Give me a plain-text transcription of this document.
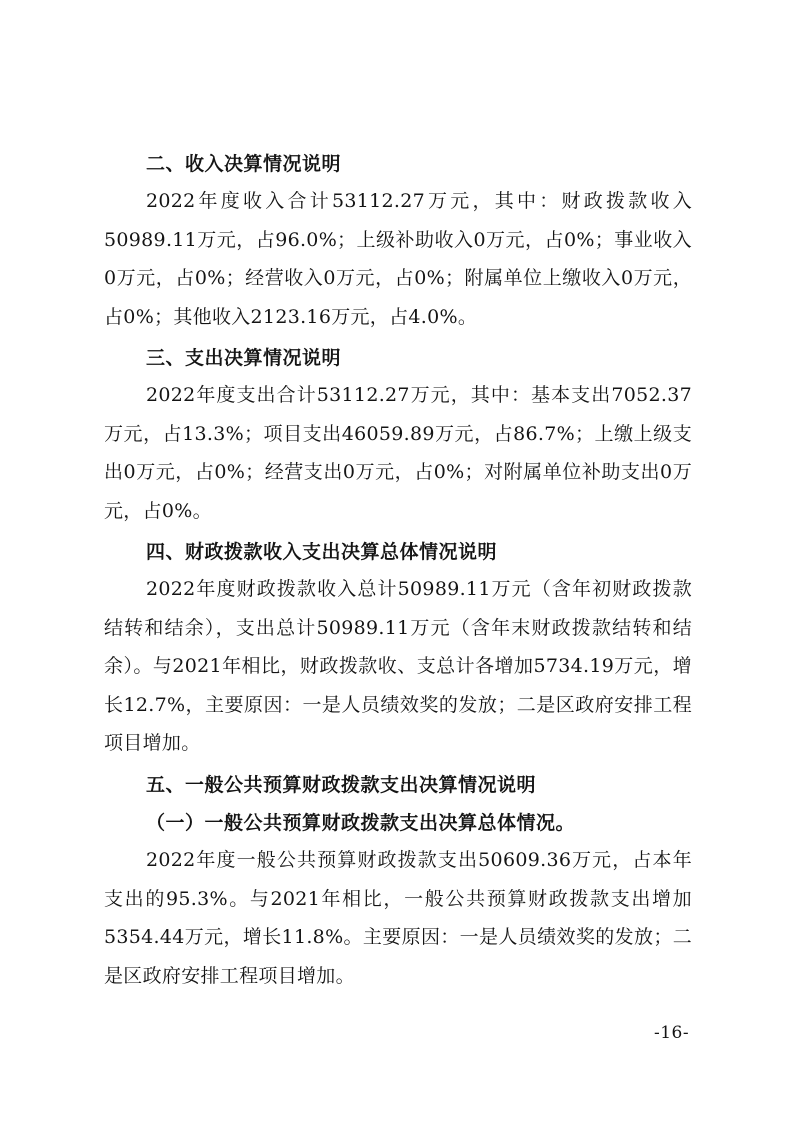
二、收入决算情况说明

2022年度收入合计53112.27万元，其中：财政拨款收入50989.11万元，占96.0%；上级补助收入0万元，占0%；事业收入0万元，占0%；经营收入0万元，占0%；附属单位上缴收入0万元，占0%；其他收入2123.16万元，占4.0%。

三、支出决算情况说明

2022年度支出合计53112.27万元，其中：基本支出7052.37万元，占13.3%；项目支出46059.89万元，占86.7%；上缴上级支出0万元，占0%；经营支出0万元，占0%；对附属单位补助支出0万元，占0%。

四、财政拨款收入支出决算总体情况说明

2022年度财政拨款收入总计50989.11万元（含年初财政拨款结转和结余），支出总计50989.11万元（含年末财政拨款结转和结余）。与2021年相比，财政拨款收、支总计各增加5734.19万元，增长12.7%，主要原因：一是人员绩效奖的发放；二是区政府安排工程项目增加。

五、一般公共预算财政拨款支出决算情况说明
（一）一般公共预算财政拨款支出决算总体情况。

2022年度一般公共预算财政拨款支出50609.36万元，占本年支出的95.3%。与2021年相比，一般公共预算财政拨款支出增加5354.44万元，增长11.8%。主要原因：一是人员绩效奖的发放；二是区政府安排工程项目增加。

-16-
